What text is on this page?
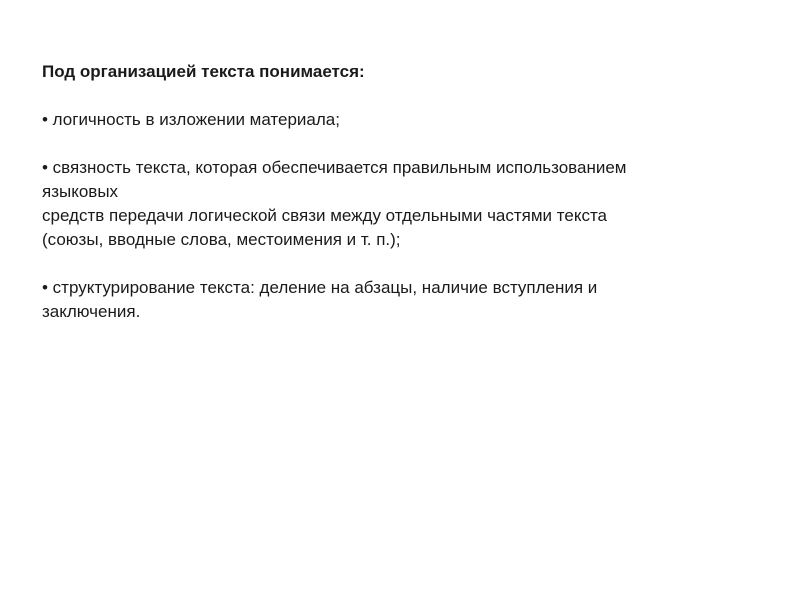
Под организацией текста понимается:

• логичность в изложении материала;

• связность текста, которая обеспечивается правильным использованием
языковых
средств передачи логической связи между отдельными частями текста
(союзы, вводные слова, местоимения и т. п.);

• структурирование текста: деление на абзацы, наличие вступления и
заключения.
